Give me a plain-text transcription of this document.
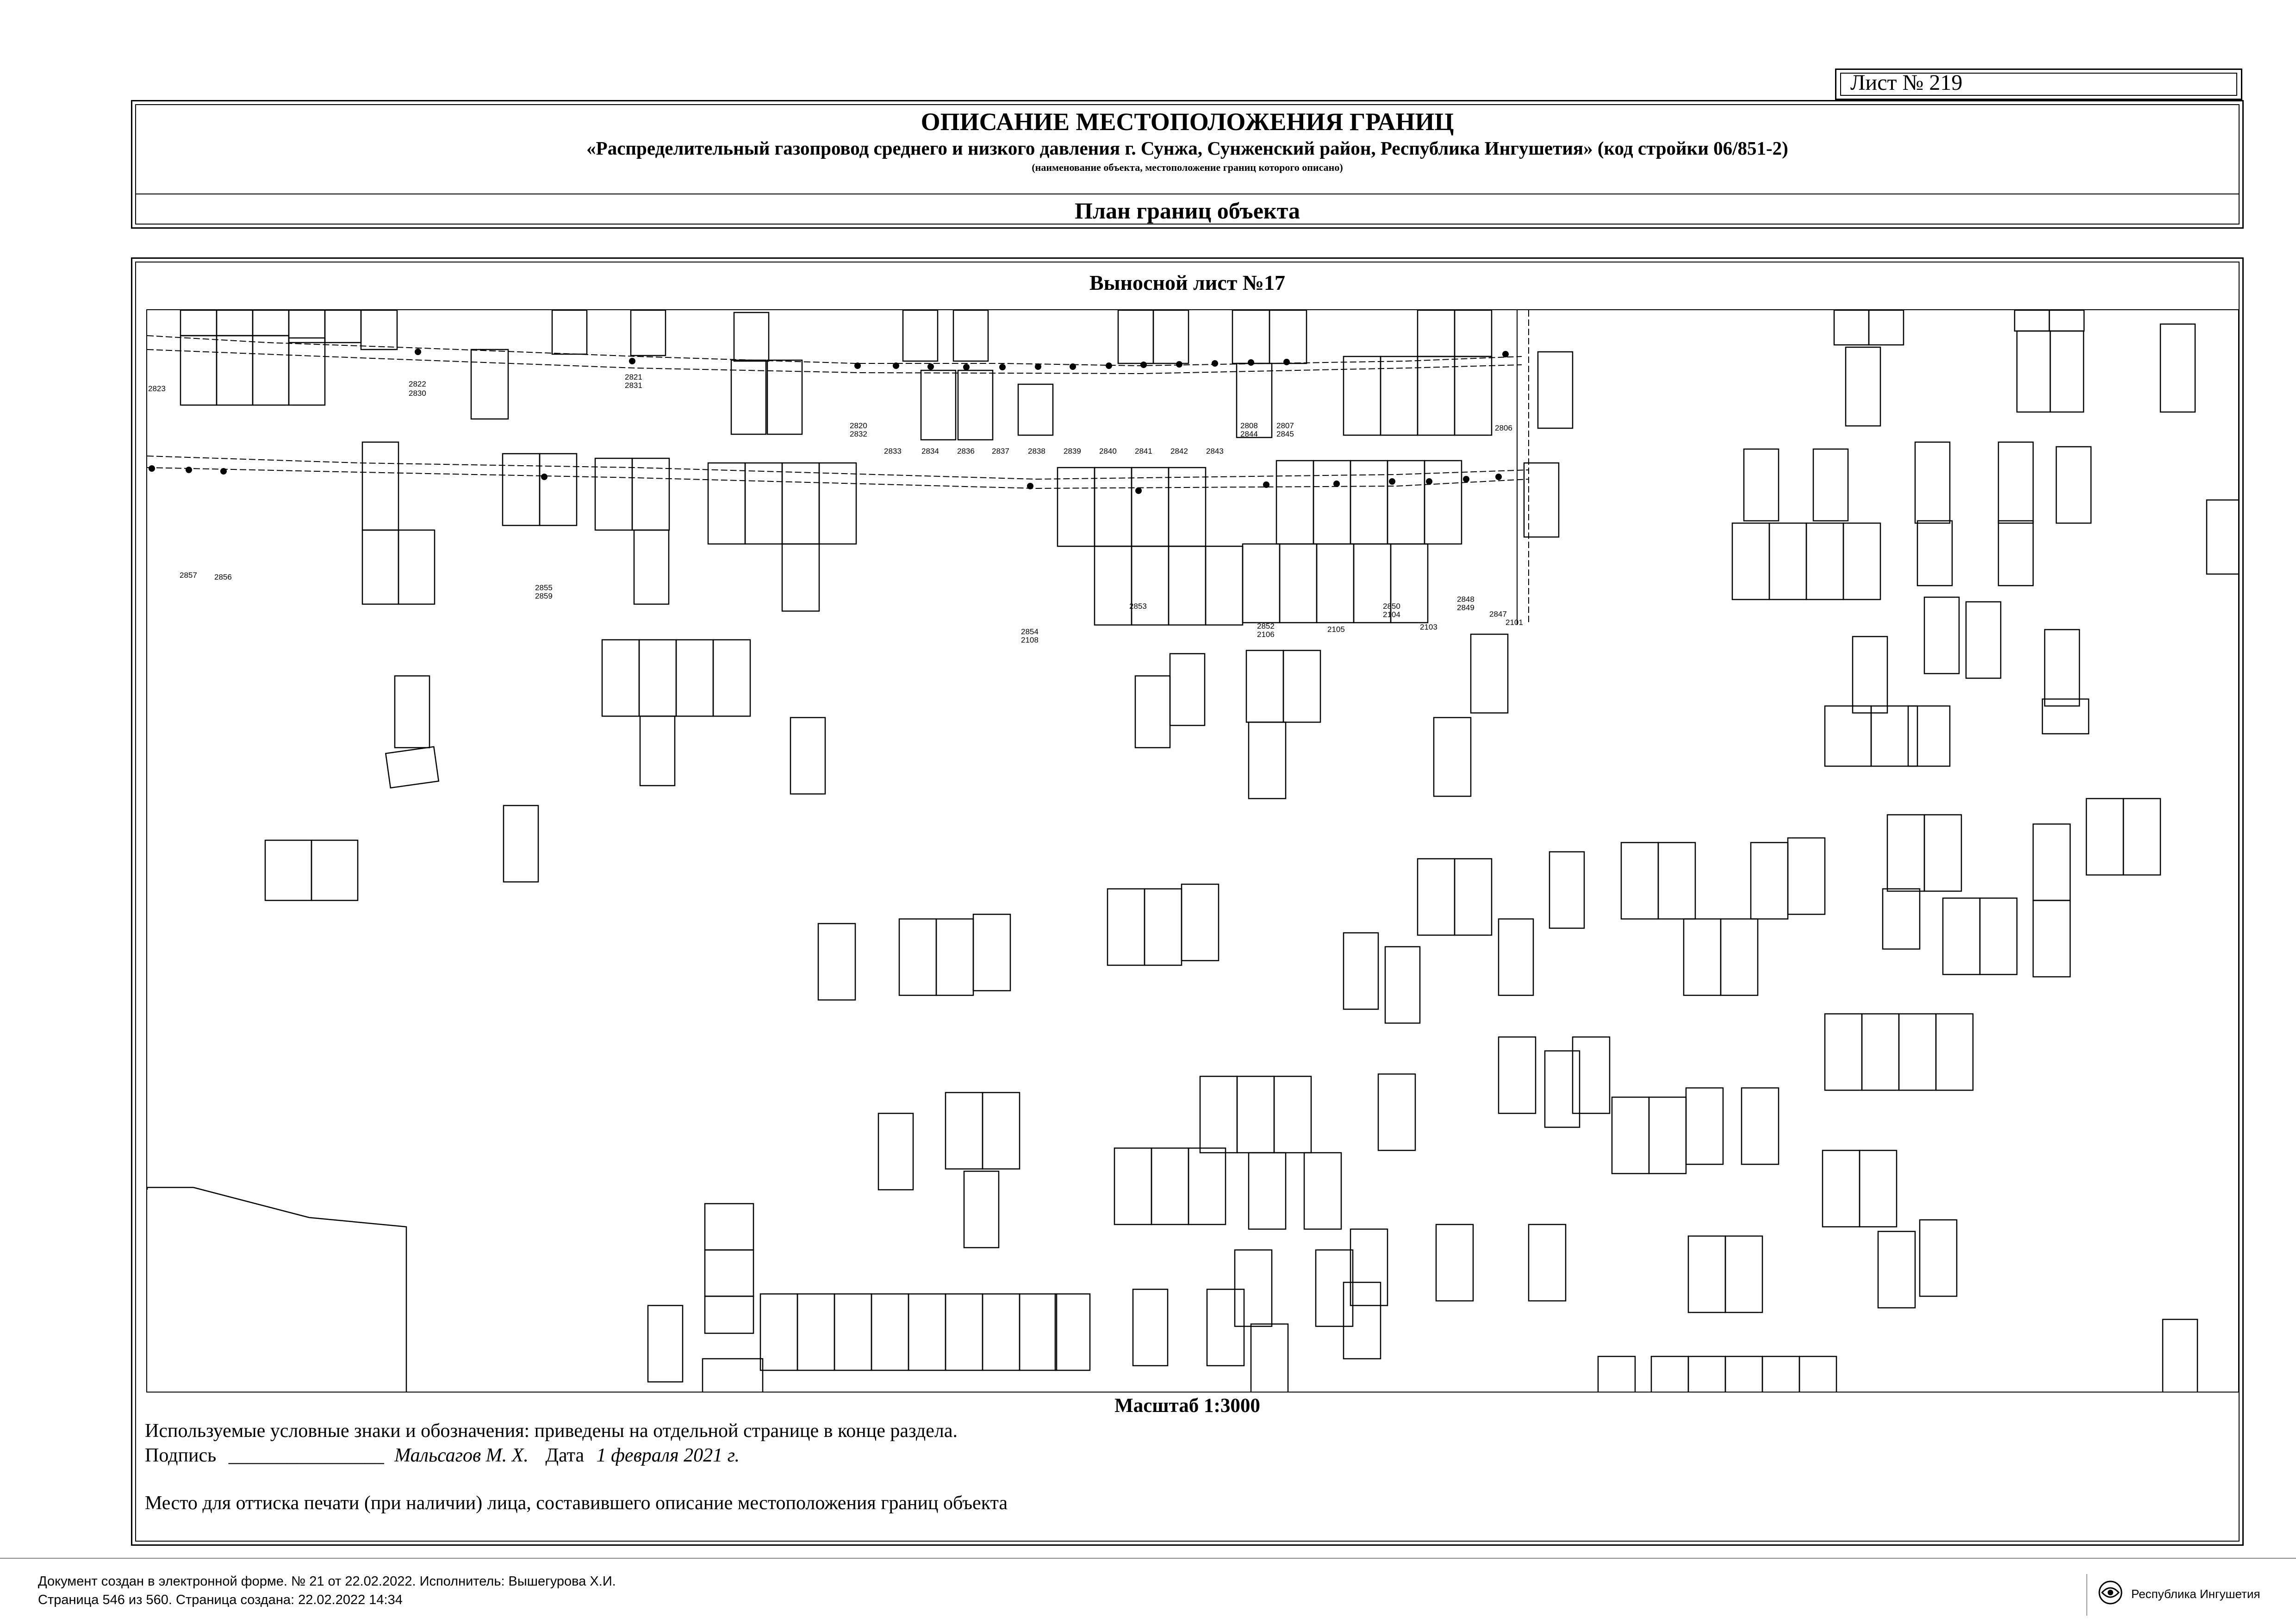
Лист № 219
ОПИСАНИЕ МЕСТОПОЛОЖЕНИЯ ГРАНИЦ
«Распределительный газопровод среднего и низкого давления г. Сунжа, Сунженский район, Республика Ингушетия» (код стройки 06/851-2)
(наименование объекта, местоположение границ которого описано)
План границ объекта
Выносной лист №17
2823
2822
2830
2821
2831
2820
2832
2833	2834 2836 2837 2838 2839 2840 2841 2842 2843
2808
2844
2807
2845
2806
2857 2856
2855
2859
2853
2854
2108
2852
2106
2105
2850
2104
2103
2848
2849
2847
2101
Масштаб 1:3000
Используемые условные знаки и обозначения: приведены на отдельной странице в конце раздела.
Подпись ________________ Мальсагов М. Х. Дата 1 февраля 2021 г.
Место для оттиска печати (при наличии) лица, составившего описание местоположения границ объекта
Документ создан в электронной форме. № 21 от 22.02.2022. Исполнитель: Вышегурова Х.И.
Страница 546 из 560. Страница создана: 22.02.2022 14:34	Республика Ингушетия
